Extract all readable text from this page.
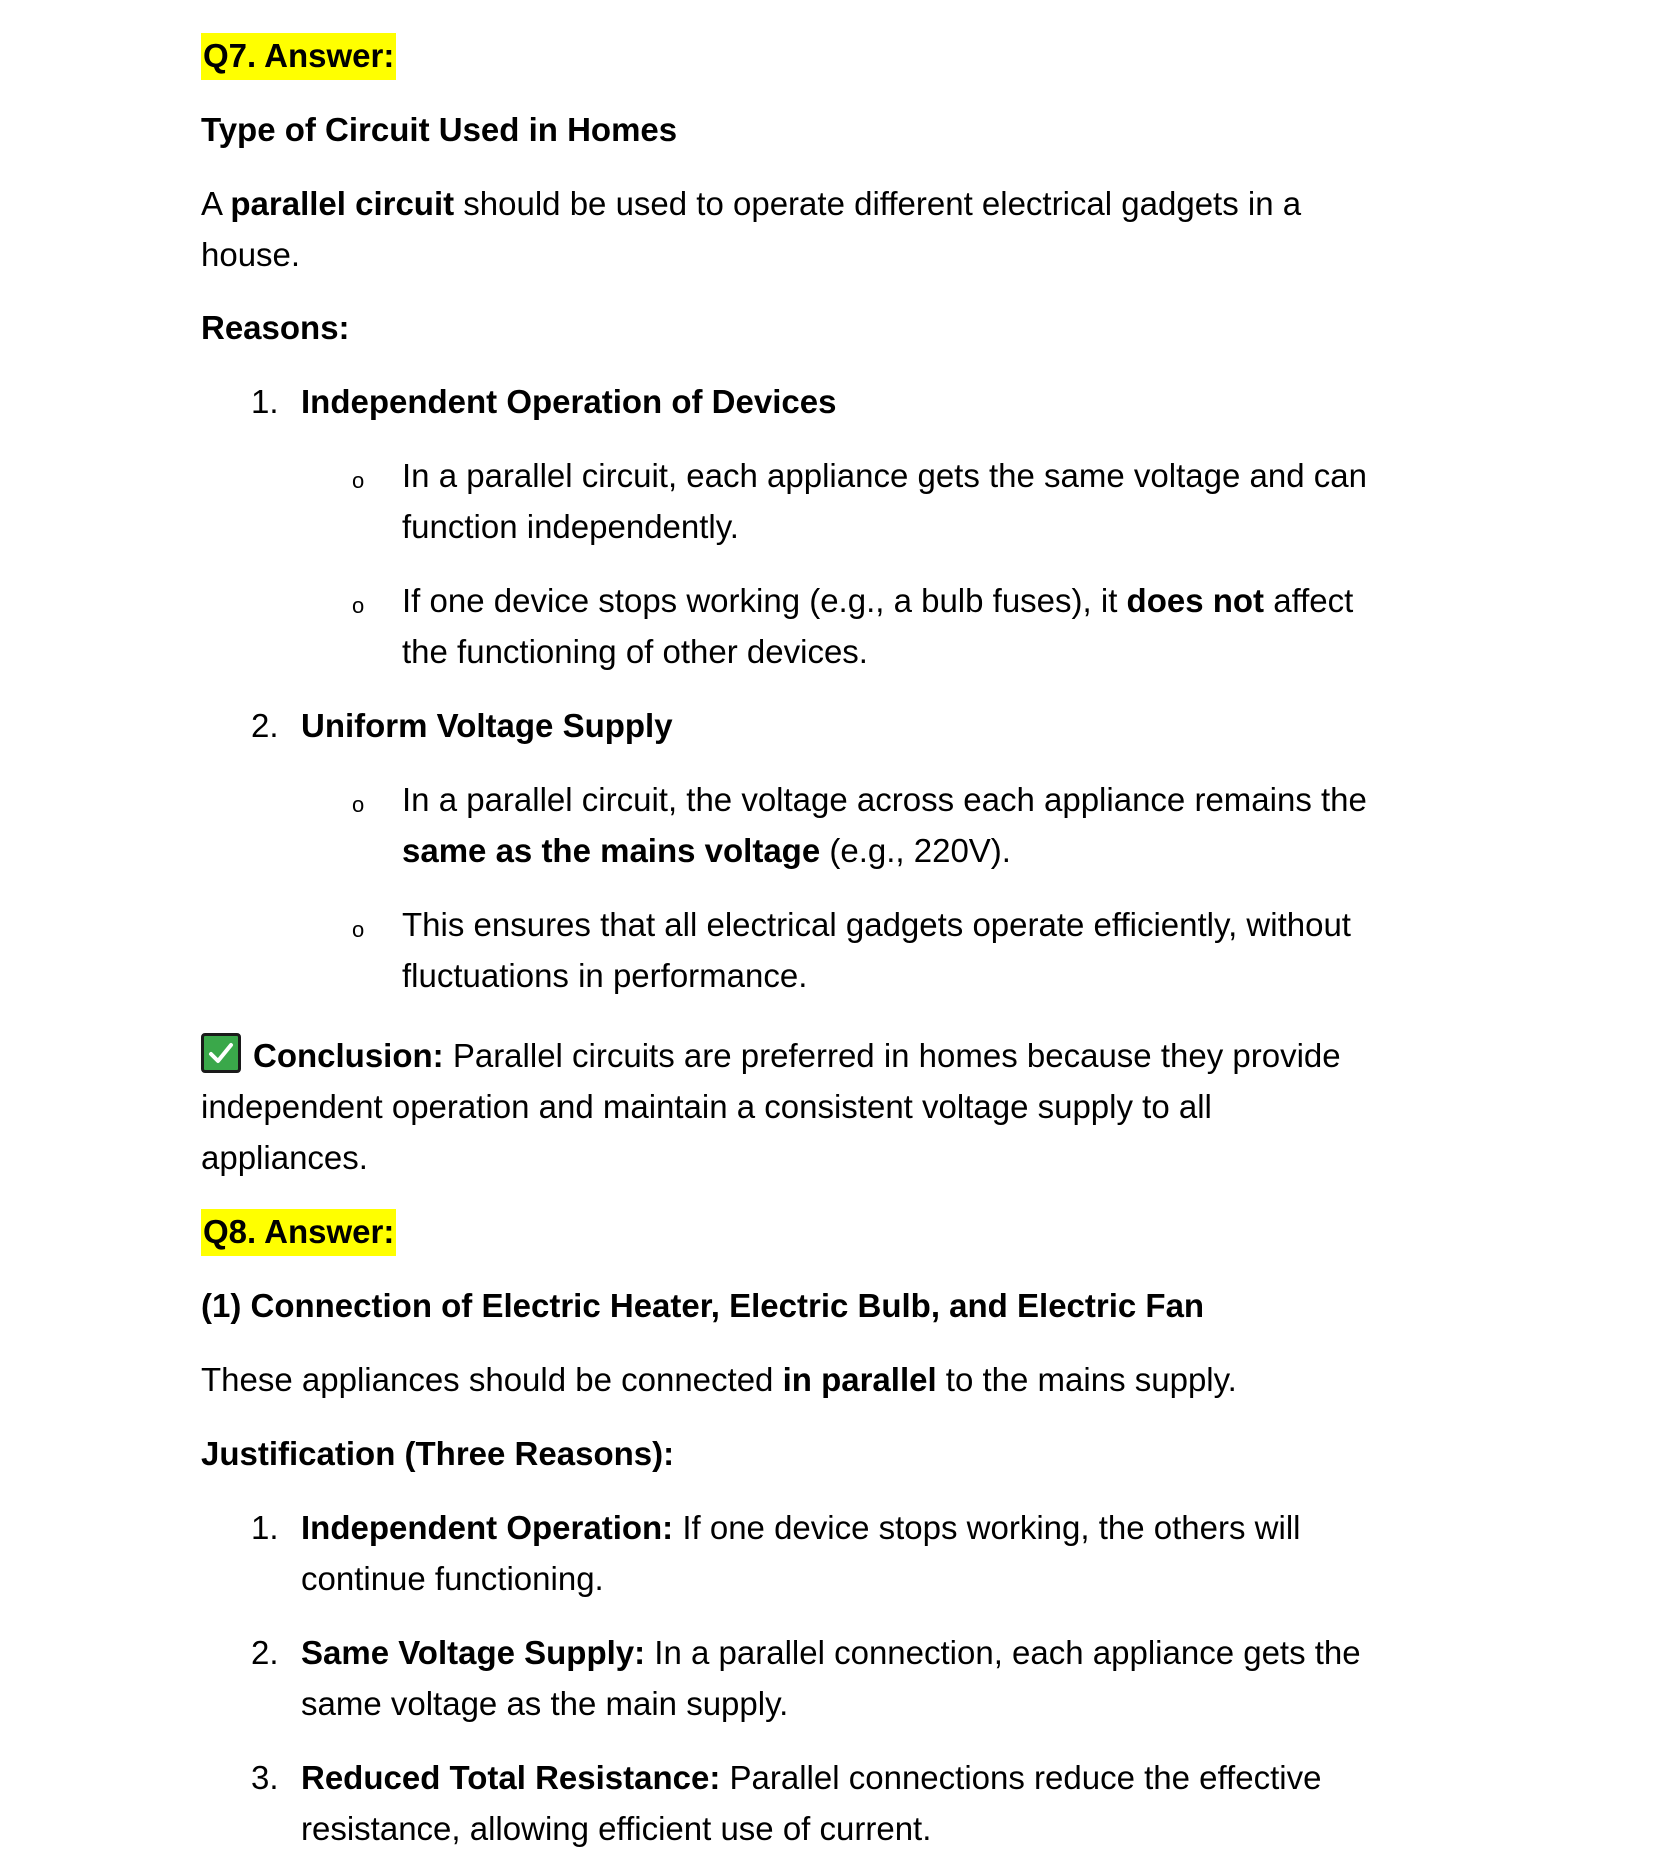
Q7. Answer:
Type of Circuit Used in Homes
A parallel circuit should be used to operate different electrical gadgets in a
house.
Reasons:
1. Independent Operation of Devices
o In a parallel circuit, each appliance gets the same voltage and can
function independently.
o If one device stops working (e.g., a bulb fuses), it does not affect
the functioning of other devices.
2. Uniform Voltage Supply
o In a parallel circuit, the voltage across each appliance remains the
same as the mains voltage (e.g., 220V).
o This ensures that all electrical gadgets operate efficiently, without
fluctuations in performance.
Conclusion: Parallel circuits are preferred in homes because they provide
independent operation and maintain a consistent voltage supply to all
appliances.
Q8. Answer:
(1) Connection of Electric Heater, Electric Bulb, and Electric Fan
These appliances should be connected in parallel to the mains supply.
Justification (Three Reasons):
1. Independent Operation: If one device stops working, the others will
continue functioning.
2. Same Voltage Supply: In a parallel connection, each appliance gets the
same voltage as the main supply.
3. Reduced Total Resistance: Parallel connections reduce the effective
resistance, allowing efficient use of current.
